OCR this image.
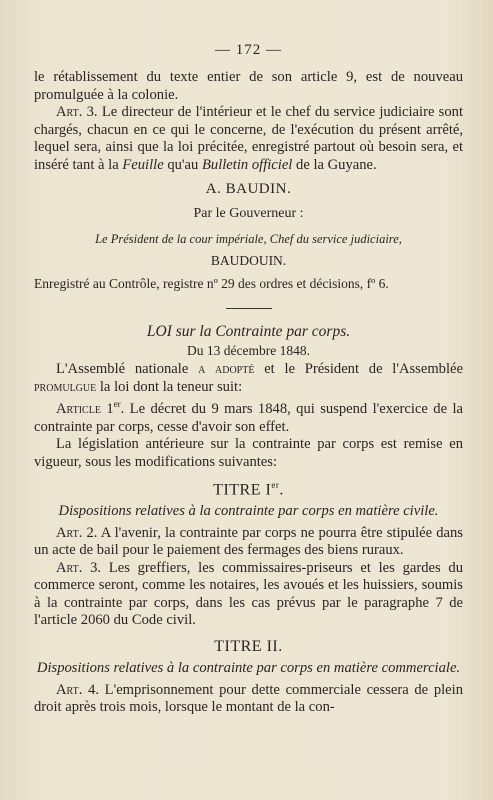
— 172 —

le rétablissement du texte entier de son article 9, est de nouveau promulguée à la colonie.

Art. 3. Le directeur de l'intérieur et le chef du service judiciaire sont chargés, chacun en ce qui le concerne, de l'exécution du présent arrêté, lequel sera, ainsi que la loi précitée, enregistré partout où besoin sera, et inséré tant à la Feuille qu'au Bulletin officiel de la Guyane.

A. BAUDIN.
Par le Gouverneur :
Le Président de la cour impériale, Chef du service judiciaire,
BAUDOUIN.

Enregistré au Contrôle, registre nº 29 des ordres et décisions, fº 6.

LOI sur la Contrainte par corps.
Du 13 décembre 1848.

L'Assemblé nationale a adopté et le Président de l'Assemblée promulgue la loi dont la teneur suit:

Article 1er. Le décret du 9 mars 1848, qui suspend l'exercice de la contrainte par corps, cesse d'avoir son effet.

La législation antérieure sur la contrainte par corps est remise en vigueur, sous les modifications suivantes:

TITRE Ier.
Dispositions relatives à la contrainte par corps en matière civile.

Art. 2. A l'avenir, la contrainte par corps ne pourra être stipulée dans un acte de bail pour le paiement des fermages des biens ruraux.

Art. 3. Les greffiers, les commissaires-priseurs et les gardes du commerce seront, comme les notaires, les avoués et les huissiers, soumis à la contrainte par corps, dans les cas prévus par le paragraphe 7 de l'article 2060 du Code civil.

TITRE II.
Dispositions relatives à la contrainte par corps en matière commerciale.

Art. 4. L'emprisonnement pour dette commerciale cessera de plein droit après trois mois, lorsque le montant de la con-
